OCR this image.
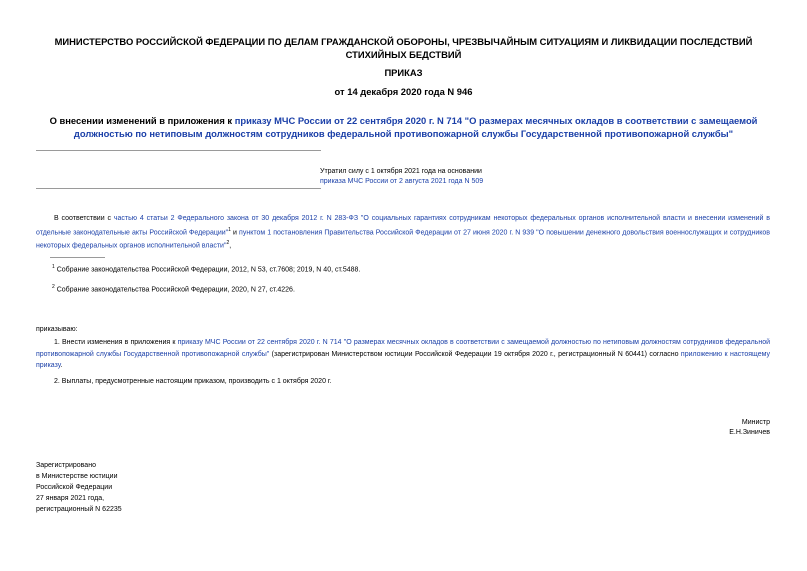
МИНИСТЕРСТВО РОССИЙСКОЙ ФЕДЕРАЦИИ ПО ДЕЛАМ ГРАЖДАНСКОЙ ОБОРОНЫ, ЧРЕЗВЫЧАЙНЫМ СИТУАЦИЯМ И ЛИКВИДАЦИИ ПОСЛЕДСТВИЙ СТИХИЙНЫХ БЕДСТВИЙ
ПРИКАЗ
от 14 декабря 2020 года N 946
О внесении изменений в приложения к приказу МЧС России от 22 сентября 2020 г. N 714 "О размерах месячных окладов в соответствии с замещаемой должностью по нетиповым должностям сотрудников федеральной противопожарной службы Государственной противопожарной службы"
Утратил силу с 1 октября 2021 года на основании
приказа МЧС России от 2 августа 2021 года N 509
В соответствии с частью 4 статьи 2 Федерального закона от 30 декабря 2012 г. N 283-ФЗ "О социальных гарантиях сотрудникам некоторых федеральных органов исполнительной власти и внесении изменений в отдельные законодательные акты Российской Федерации"$^1$ и пунктом 1 постановления Правительства Российской Федерации от 27 июня 2020 г. N 939 "О повышении денежного довольствия военнослужащих и сотрудников некоторых федеральных органов исполнительной власти"$^2$,
$^1$ Собрание законодательства Российской Федерации, 2012, N 53, ст.7608; 2019, N 40, ст.5488.
$^2$ Собрание законодательства Российской Федерации, 2020, N 27, ст.4226.
приказываю:
1. Внести изменения в приложения к приказу МЧС России от 22 сентября 2020 г. N 714 "О размерах месячных окладов в соответствии с замещаемой должностью по нетиповым должностям сотрудников федеральной противопожарной службы Государственной противопожарной службы" (зарегистрирован Министерством юстиции Российской Федерации 19 октября 2020 г., регистрационный N 60441) согласно приложению к настоящему приказу.
2. Выплаты, предусмотренные настоящим приказом, производить с 1 октября 2020 г.
Министр
Е.Н.Зиничев
Зарегистрировано
в Министерстве юстиции
Российской Федерации
27 января 2021 года,
регистрационный N 62235
